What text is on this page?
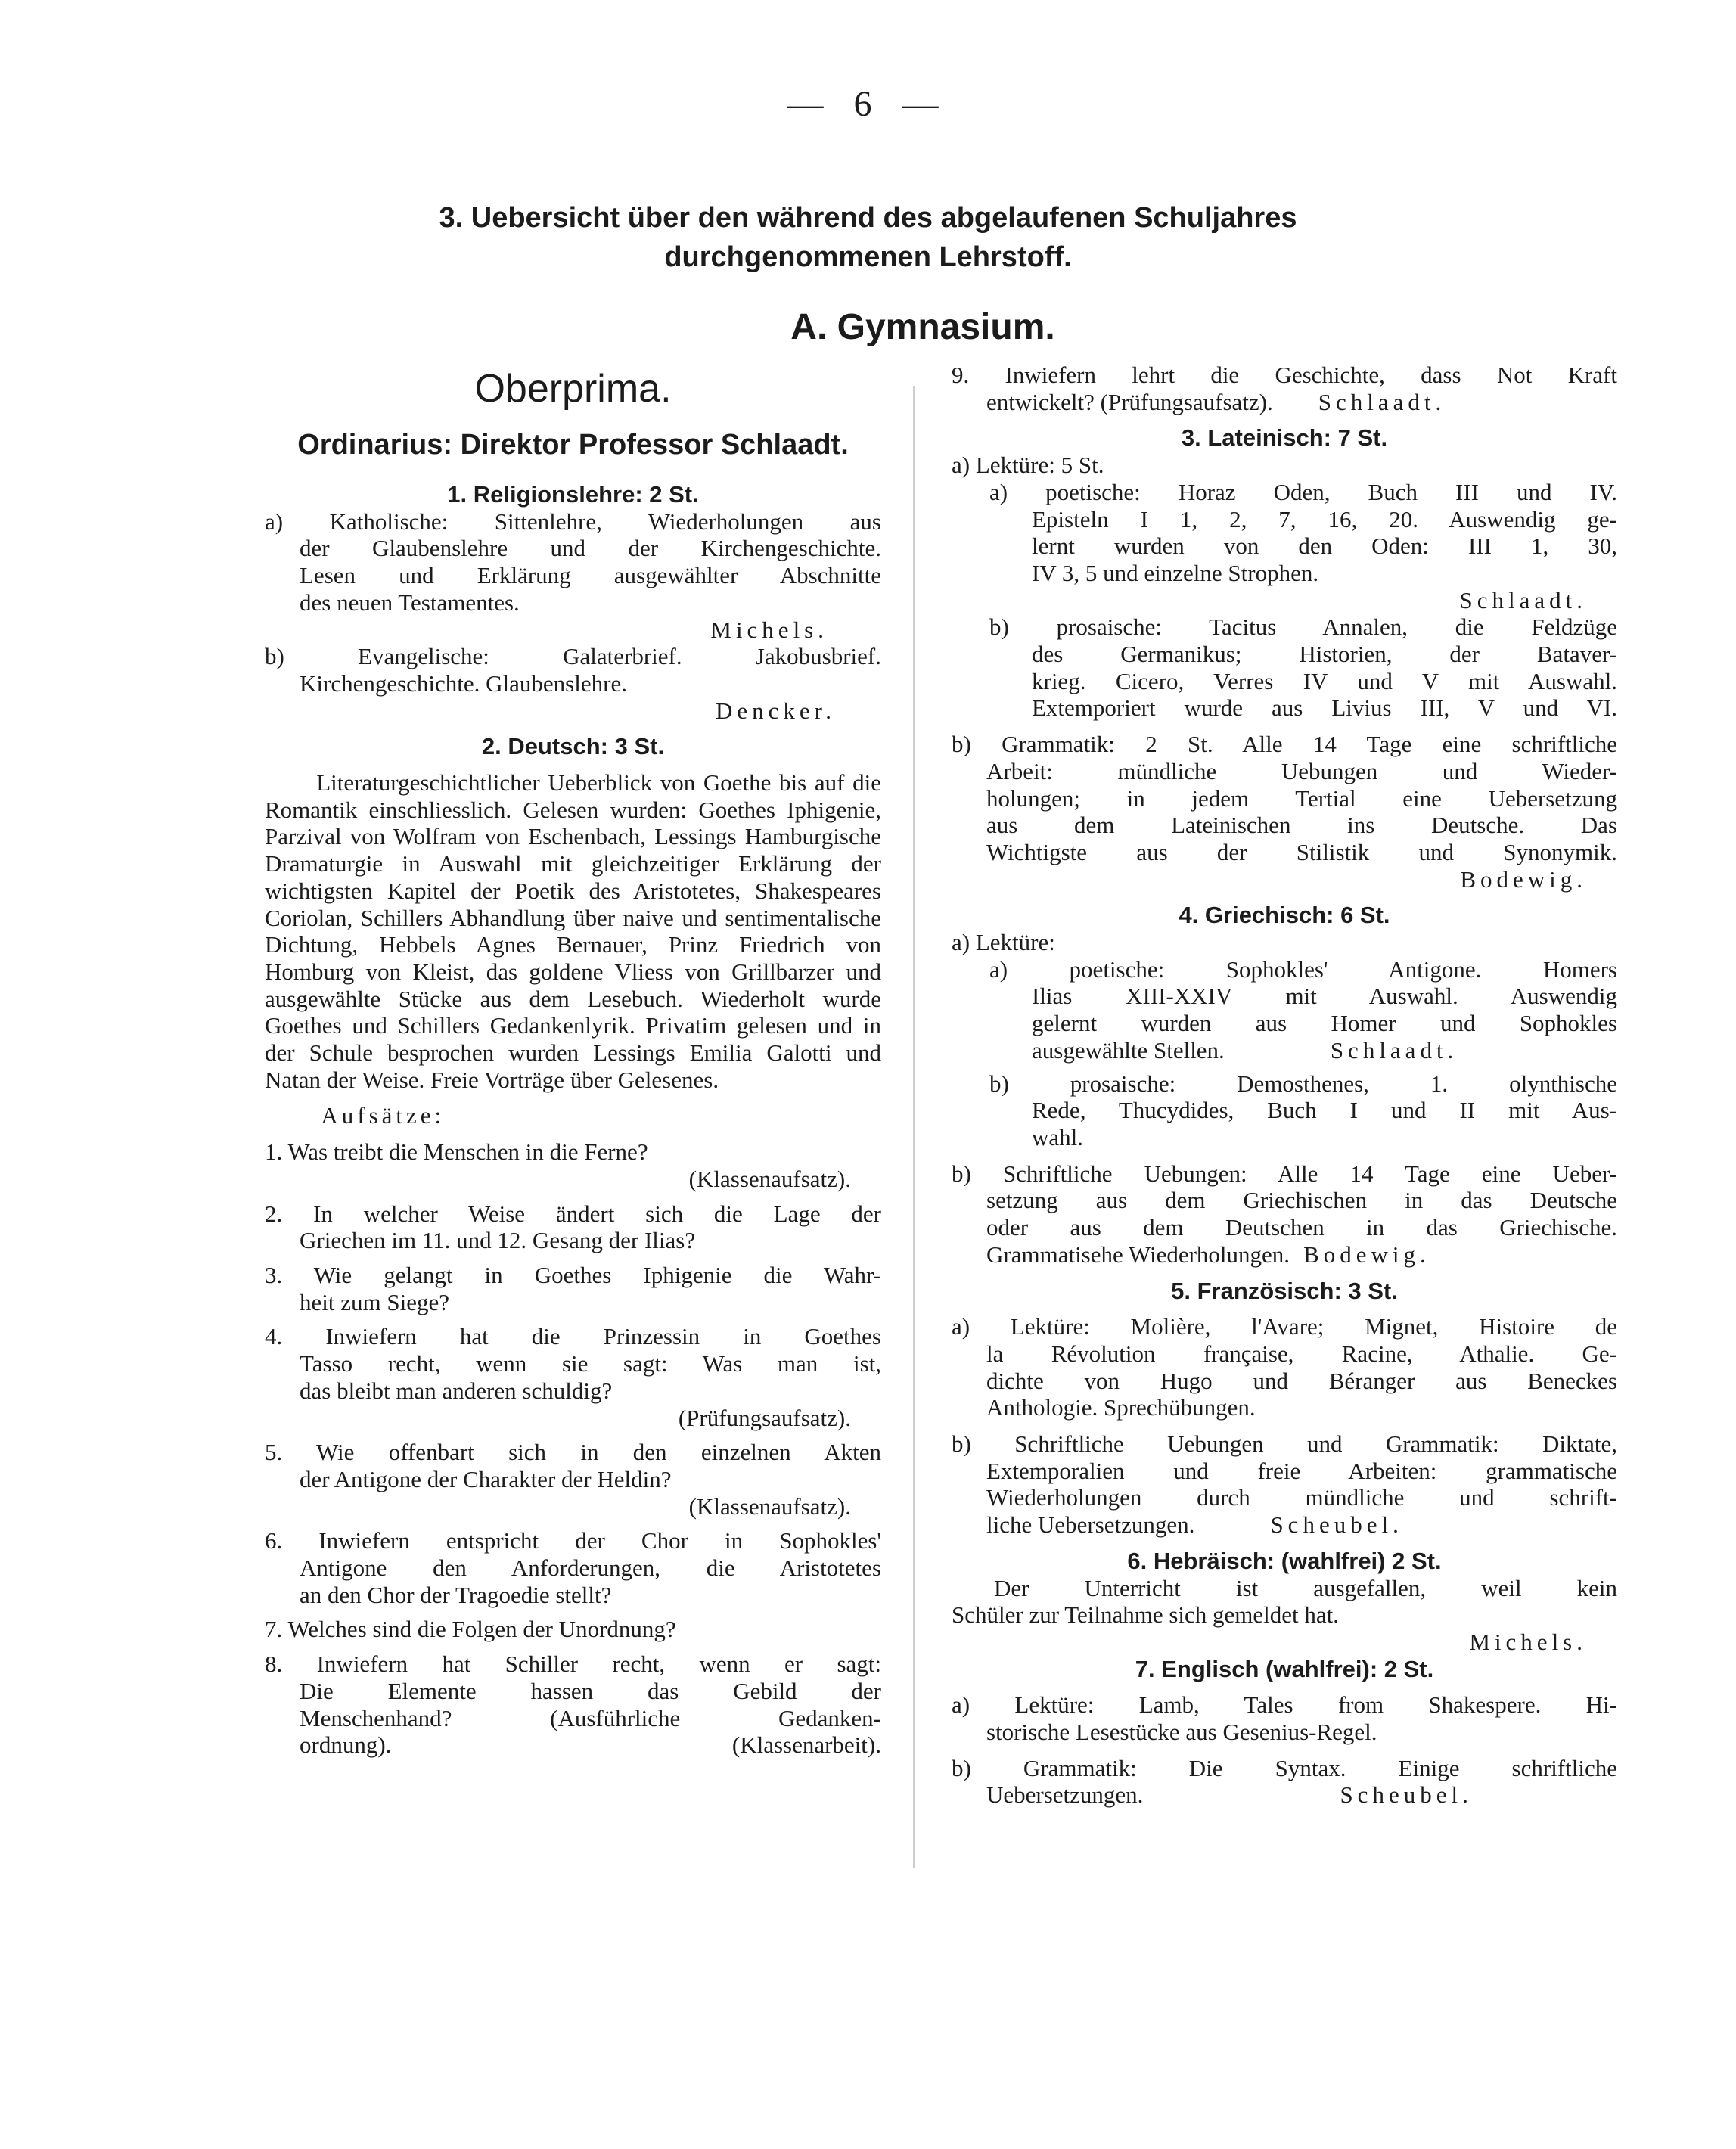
— 6 —
3. Uebersicht über den während des abgelaufenen Schuljahres
durchgenommenen Lehrstoff.
A. Gymnasium.
Oberprima.
Ordinarius: Direktor Professor Schlaadt.
1. Religionslehre: 2 St.
a) Katholische: Sittenlehre, Wiederholungen aus
der Glaubenslehre und der Kirchengeschichte.
Lesen und Erklärung ausgewählter Abschnitte
des neuen Testamentes.
Michels.
b) Evangelische: Galaterbrief. Jakobusbrief.
Kirchengeschichte. Glaubenslehre.
Dencker.
2. Deutsch: 3 St.

Literaturgeschichtlicher Ueberblick von Goethe bis auf die Romantik einschliesslich. Gelesen wurden: Goethes Iphigenie, Parzival von Wolfram von Eschenbach, Lessings Hamburgische Dramaturgie in Auswahl mit gleichzeitiger Erklärung der wichtigsten Kapitel der Poetik des Aristotetes, Shakespeares Coriolan, Schillers Abhandlung über naive und sentimentalische Dichtung, Hebbels Agnes Bernauer, Prinz Friedrich von Homburg von Kleist, das goldene Vliess von Grillbarzer und ausgewählte Stücke aus dem Lesebuch. Wiederholt wurde Goethes und Schillers Gedankenlyrik. Privatim gelesen und in der Schule besprochen wurden Lessings Emilia Galotti und Natan der Weise. Freie Vorträge über Gelesenes.

Aufsätze:
1. Was treibt die Menschen in die Ferne?
(Klassenaufsatz).
2. In welcher Weise ändert sich die Lage der
Griechen im 11. und 12. Gesang der Ilias?
3. Wie gelangt in Goethes Iphigenie die Wahr-
heit zum Siege?
4. Inwiefern hat die Prinzessin in Goethes
Tasso recht, wenn sie sagt: Was man ist,
das bleibt man anderen schuldig?
(Prüfungsaufsatz).
5. Wie offenbart sich in den einzelnen Akten
der Antigone der Charakter der Heldin?
(Klassenaufsatz).
6. Inwiefern entspricht der Chor in Sophokles'
Antigone den Anforderungen, die Aristotetes
an den Chor der Tragoedie stellt?
7. Welches sind die Folgen der Unordnung?
8. Inwiefern hat Schiller recht, wenn er sagt:
Die Elemente hassen das Gebild der
Menschenhand? (Ausführliche Gedanken-
ordnung). (Klassenarbeit).
9. Inwiefern lehrt die Geschichte, dass Not Kraft
entwickelt? (Prüfungsaufsatz). Schlaadt.
3. Lateinisch: 7 St.
a) Lektüre: 5 St.
a) poetische: Horaz Oden, Buch III und IV.
Episteln I 1, 2, 7, 16, 20. Auswendig ge-
lernt wurden von den Oden: III 1, 30,
IV 3, 5 und einzelne Strophen.
Schlaadt.
b) prosaische: Tacitus Annalen, die Feldzüge
des Germanikus; Historien, der Bataver-
krieg. Cicero, Verres IV und V mit Auswahl.
Extemporiert wurde aus Livius III, V und VI.
b) Grammatik: 2 St. Alle 14 Tage eine schriftliche
Arbeit: mündliche Uebungen und Wieder-
holungen; in jedem Tertial eine Uebersetzung
aus dem Lateinischen ins Deutsche. Das
Wichtigste aus der Stilistik und Synonymik.
Bodewig.
4. Griechisch: 6 St.
a) Lektüre:
a) poetische: Sophokles' Antigone. Homers
Ilias XIII-XXIV mit Auswahl. Auswendig
gelernt wurden aus Homer und Sophokles
ausgewählte Stellen.	Schlaadt.
b) prosaische: Demosthenes, 1. olynthische
Rede, Thucydides, Buch I und II mit Aus-
wahl.
b) Schriftliche Uebungen: Alle 14 Tage eine Ueber-
setzung aus dem Griechischen in das Deutsche
oder aus dem Deutschen in das Griechische.
Grammatisehe Wiederholungen. Bodewig.
5. Französisch: 3 St.
a) Lektüre: Molière, l'Avare; Mignet, Histoire de
la Révolution française, Racine, Athalie. Ge-
dichte von Hugo und Béranger aus Beneckes
Anthologie. Sprechübungen.
b) Schriftliche Uebungen und Grammatik: Diktate,
Extemporalien und freie Arbeiten: grammatische
Wiederholungen durch mündliche und schrift-
liche Uebersetzungen.	Scheubel.
6. Hebräisch: (wahlfrei) 2 St.
Der Unterricht ist ausgefallen, weil kein
Schüler zur Teilnahme sich gemeldet hat.
Michels.
7. Englisch (wahlfrei): 2 St.
a) Lektüre: Lamb, Tales from Shakespere. Hi-
storische Lesestücke aus Gesenius-Regel.
b) Grammatik: Die Syntax. Einige schriftliche
Uebersetzungen.	Scheubel.
